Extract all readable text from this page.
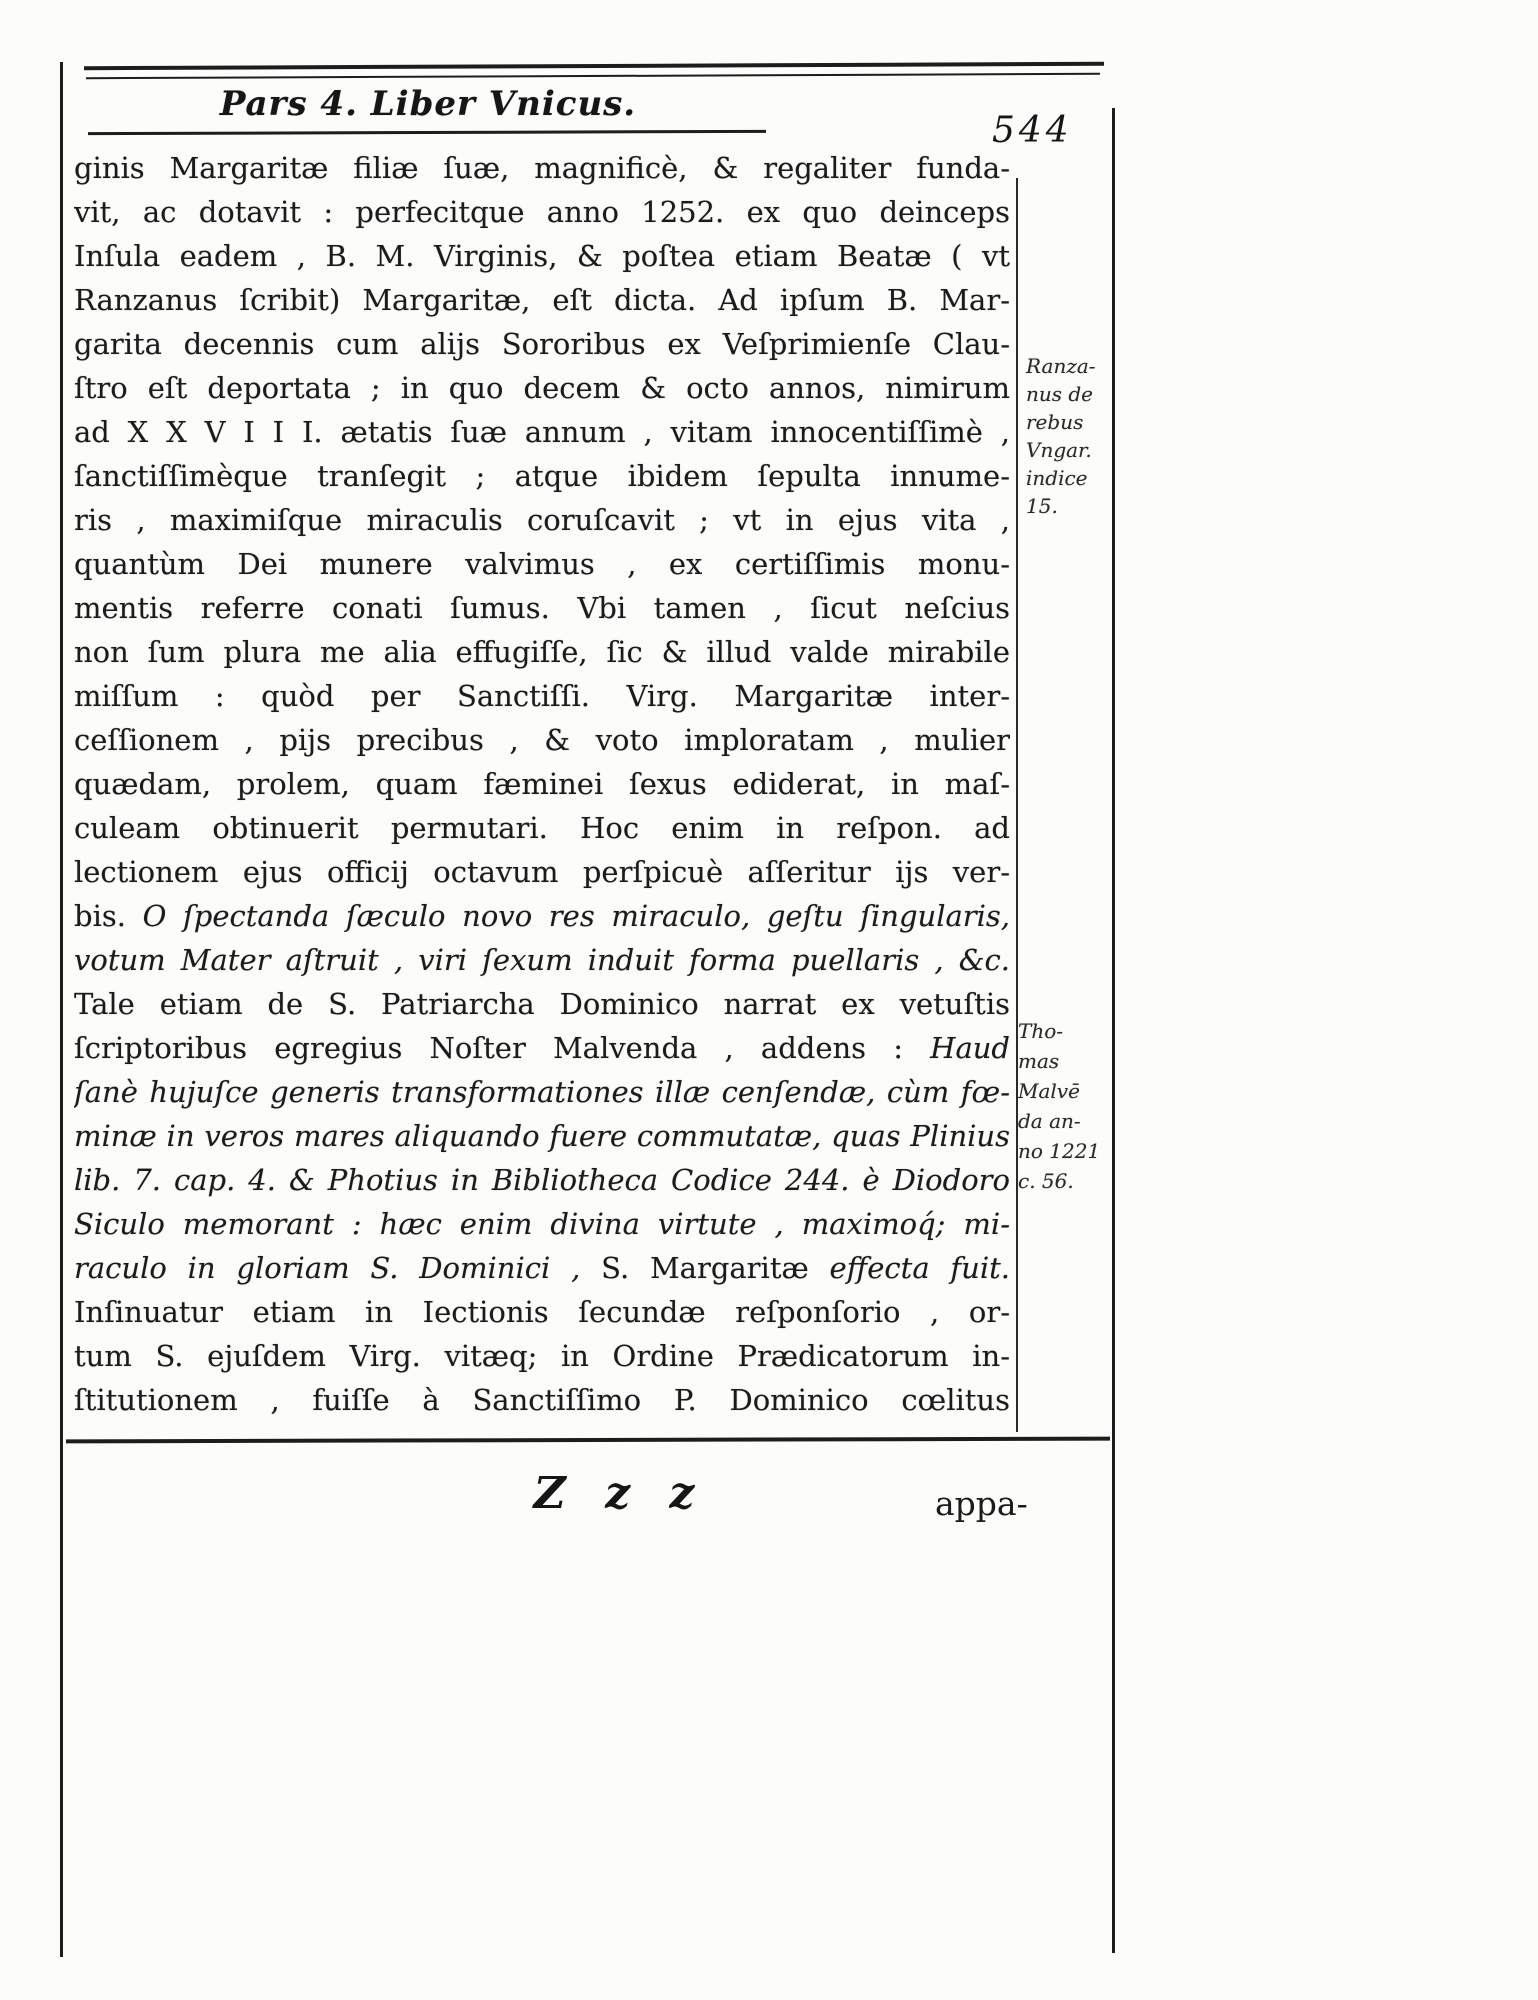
Pars 4. Liber Vnicus.
544
ginis Margaritæ filiæ ſuæ, magnificè, & regaliter funda-
vit, ac dotavit : perfecitque anno 1252. ex quo deinceps
Inſula eadem , B. M. Virginis, & poſtea etiam Beatæ ( vt
Ranzanus ſcribit) Margaritæ, eſt dicta. Ad ipſum B. Mar-
garita decennis cum alijs Sororibus ex Veſprimienſe Clau-
ſtro eſt deportata ; in quo decem & octo annos, nimirum
ad X X V I I I. ætatis ſuæ annum , vitam innocentiſſimè ,
ſanctiſſimèque tranſegit ; atque ibidem ſepulta innume-
ris , maximiſque miraculis coruſcavit ; vt in ejus vita ,
quantùm Dei munere valvimus , ex certiſſimis monu-
mentis referre conati ſumus. Vbi tamen , ſicut neſcius
non ſum plura me alia effugiſſe, ſic & illud valde mirabile
miſſum : quòd per Sanctiſſi. Virg. Margaritæ inter-
ceſſionem , pijs precibus , & voto imploratam , mulier
quædam, prolem, quam fæminei ſexus ediderat, in maſ-
culeam obtinuerit permutari. Hoc enim in reſpon. ad
lectionem ejus officij octavum perſpicuè aſſeritur ijs ver-
bis. O ſpectanda ſæculo novo res miraculo, geſtu ſingularis,
votum Mater aſtruit , viri ſexum induit forma puellaris , &c.
Tale etiam de S. Patriarcha Dominico narrat ex vetuſtis
ſcriptoribus egregius Noſter Malvenda , addens : Haud
ſanè hujuſce generis transformationes illæ cenſendæ, cùm fœ-
minæ in veros mares aliquando fuere commutatæ, quas Plinius
lib. 7. cap. 4. & Photius in Bibliotheca Codice 244. è Diodoro
Siculo memorant : hæc enim divina virtute , maximoq́; mi-
raculo in gloriam S. Dominici , S. Margaritæ effecta fuit.
Inſinuatur etiam in Iectionis ſecundæ reſponſorio , or-
tum S. ejuſdem Virg. vitæq; in Ordine Prædicatorum in-
ſtitutionem , fuiſſe à Sanctiſſimo P. Dominico cœlitus
Ranza-
nus de
rebus
Vngar.
indice
15.
Tho-
mas
Malvē
da an-
no 1221
c. 56.
Z z z	appa-
